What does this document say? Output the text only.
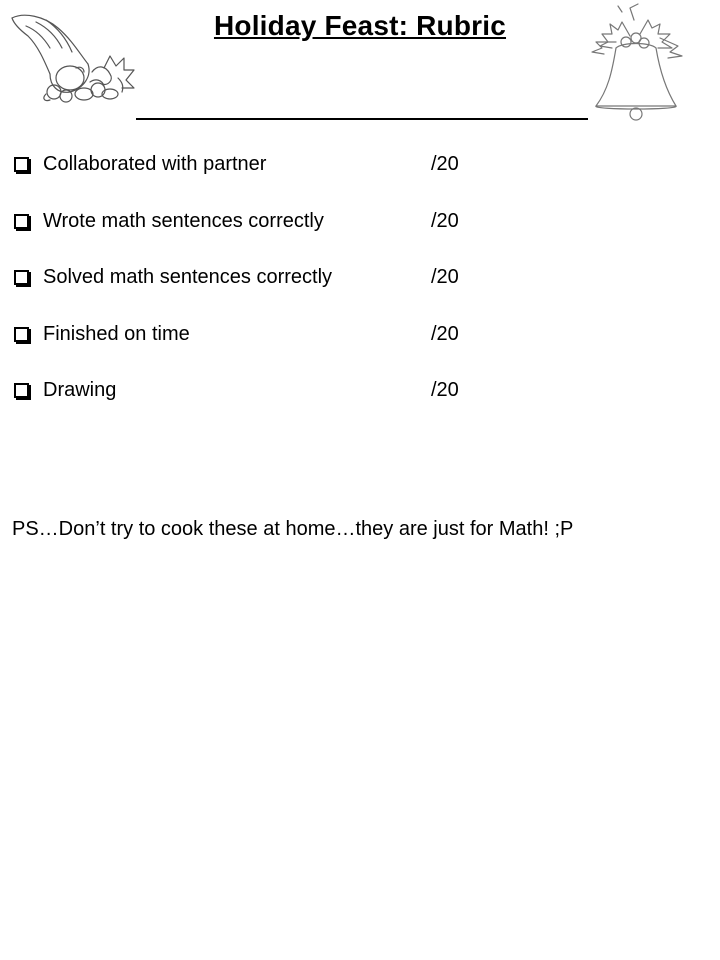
Holiday Feast: Rubric
Collaborated with partner	/20
Wrote math sentences correctly	/20
Solved math sentences correctly	/20
Finished on time	/20
Drawing	/20
PS…Don’t try to cook these at home…they are just for Math! ;P
